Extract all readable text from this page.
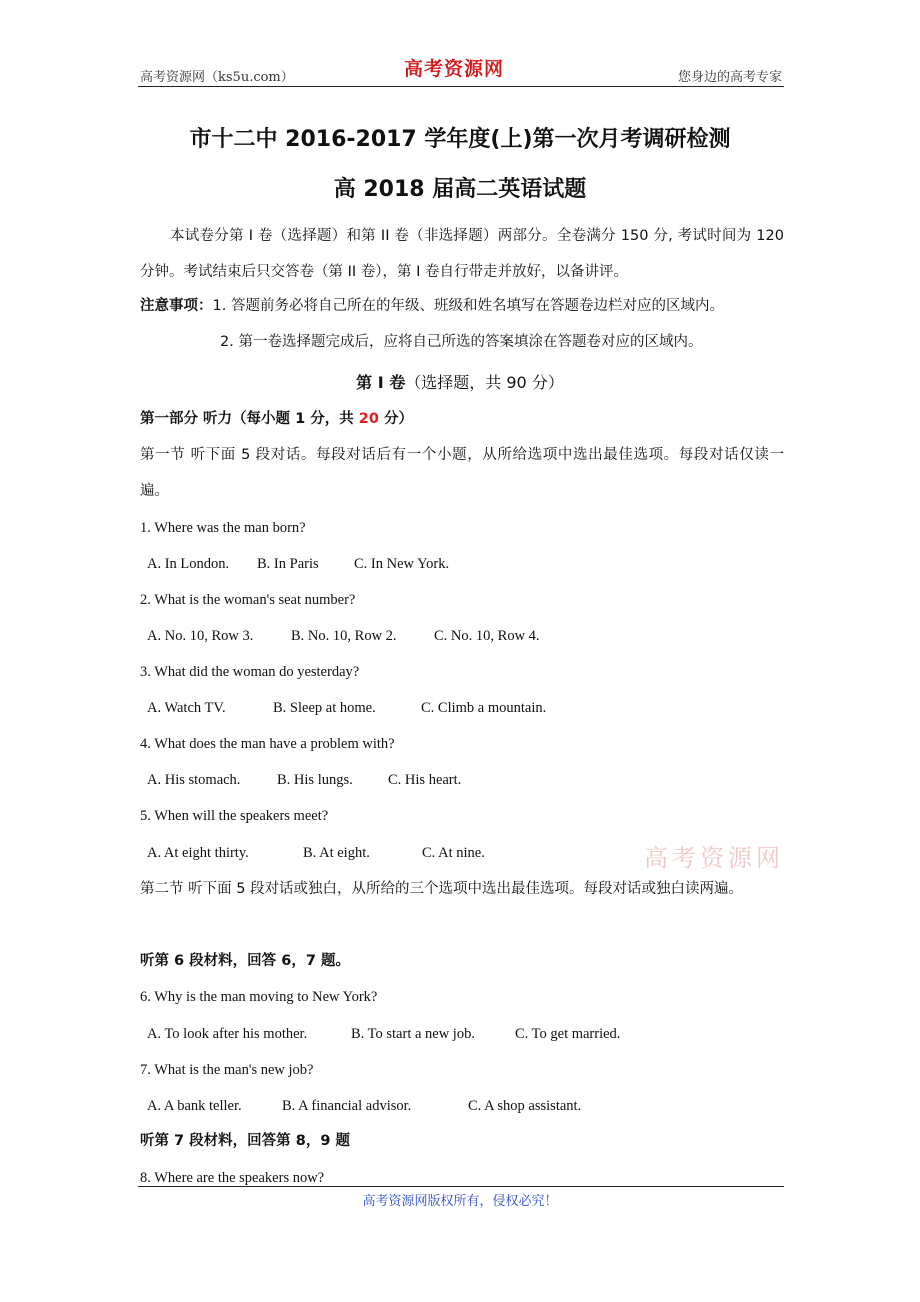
高考资源网（ks5u.com）	高考资源网	您身边的高考专家
市十二中 2016-2017 学年度(上)第一次月考调研检测
高 2018 届高二英语试题
本试卷分第 I 卷（选择题）和第 II 卷（非选择题）两部分。全卷满分 150 分, 考试时间为 120 分钟。考试结束后只交答卷（第 II 卷），第 I 卷自行带走并放好，以备讲评。
注意事项：1. 答题前务必将自己所在的年级、班级和姓名填写在答题卷边栏对应的区域内。
2. 第一卷选择题完成后，应将自己所选的答案填涂在答题卷对应的区域内。
第 I 卷（选择题，共 90 分）
第一部分 听力（每小题 1 分，共 20 分）
第一节 听下面 5 段对话。每段对话后有一个小题，从所给选项中选出最佳选项。每段对话仅读一遍。
1. Where was the man born?
A. In London. B. In Paris C. In New York.
2. What is the woman's seat number?
A. No. 10, Row 3.	B. No. 10, Row 2.	C. No. 10, Row 4.
3. What did the woman do yesterday?
A. Watch TV.	B. Sleep at home.	C. Climb a mountain.
4. What does the man have a problem with?
A. His stomach.	B. His lungs. C. His heart.
5. When will the speakers meet?
A. At eight thirty.	B. At eight.	C. At nine.	高考资源网
第二节 听下面 5 段对话或独白，从所给的三个选项中选出最佳选项。每段对话或独白读两遍。
听第 6 段材料，回答 6，7 题。
6. Why is the man moving to New York?
A. To look after his mother.	B. To start a new job.	C. To get married.
7. What is the man's new job?
A. A bank teller.	B. A financial advisor.	C. A shop assistant.
听第 7 段材料，回答第 8，9 题
8. Where are the speakers now?
高考资源网版权所有，侵权必究！
